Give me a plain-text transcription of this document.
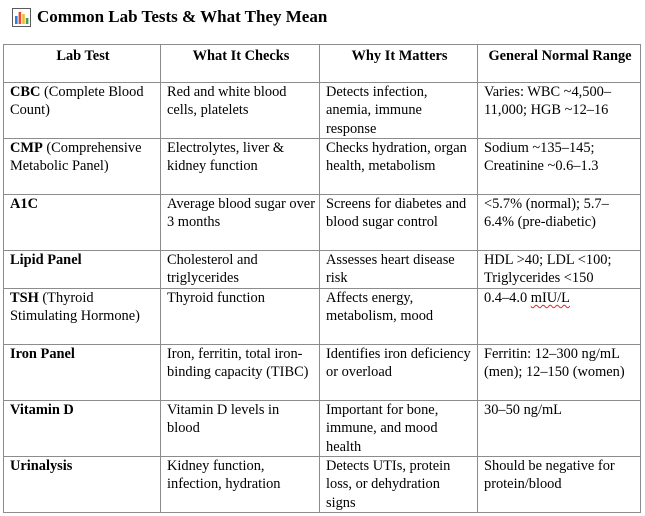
Common Lab Tests & What They Mean
Lab Test	What It Checks	Why It Matters	General Normal Range
CBC (Complete Blood Count)	Red and white blood cells, platelets	Detects infection, anemia, immune response	Varies: WBC ~4,500–11,000; HGB ~12–16
CMP (Comprehensive Metabolic Panel)	Electrolytes, liver & kidney function	Checks hydration, organ health, metabolism	Sodium ~135–145; Creatinine ~0.6–1.3
A1C	Average blood sugar over 3 months	Screens for diabetes and blood sugar control	<5.7% (normal); 5.7–6.4% (pre-diabetic)
Lipid Panel	Cholesterol and triglycerides	Assesses heart disease risk	HDL >40; LDL <100; Triglycerides <150
TSH (Thyroid Stimulating Hormone)	Thyroid function	Affects energy, metabolism, mood	0.4–4.0 mIU/L
Iron Panel	Iron, ferritin, total iron-binding capacity (TIBC)	Identifies iron deficiency or overload	Ferritin: 12–300 ng/mL (men); 12–150 (women)
Vitamin D	Vitamin D levels in blood	Important for bone, immune, and mood health	30–50 ng/mL
Urinalysis	Kidney function, infection, hydration	Detects UTIs, protein loss, or dehydration signs	Should be negative for protein/blood
